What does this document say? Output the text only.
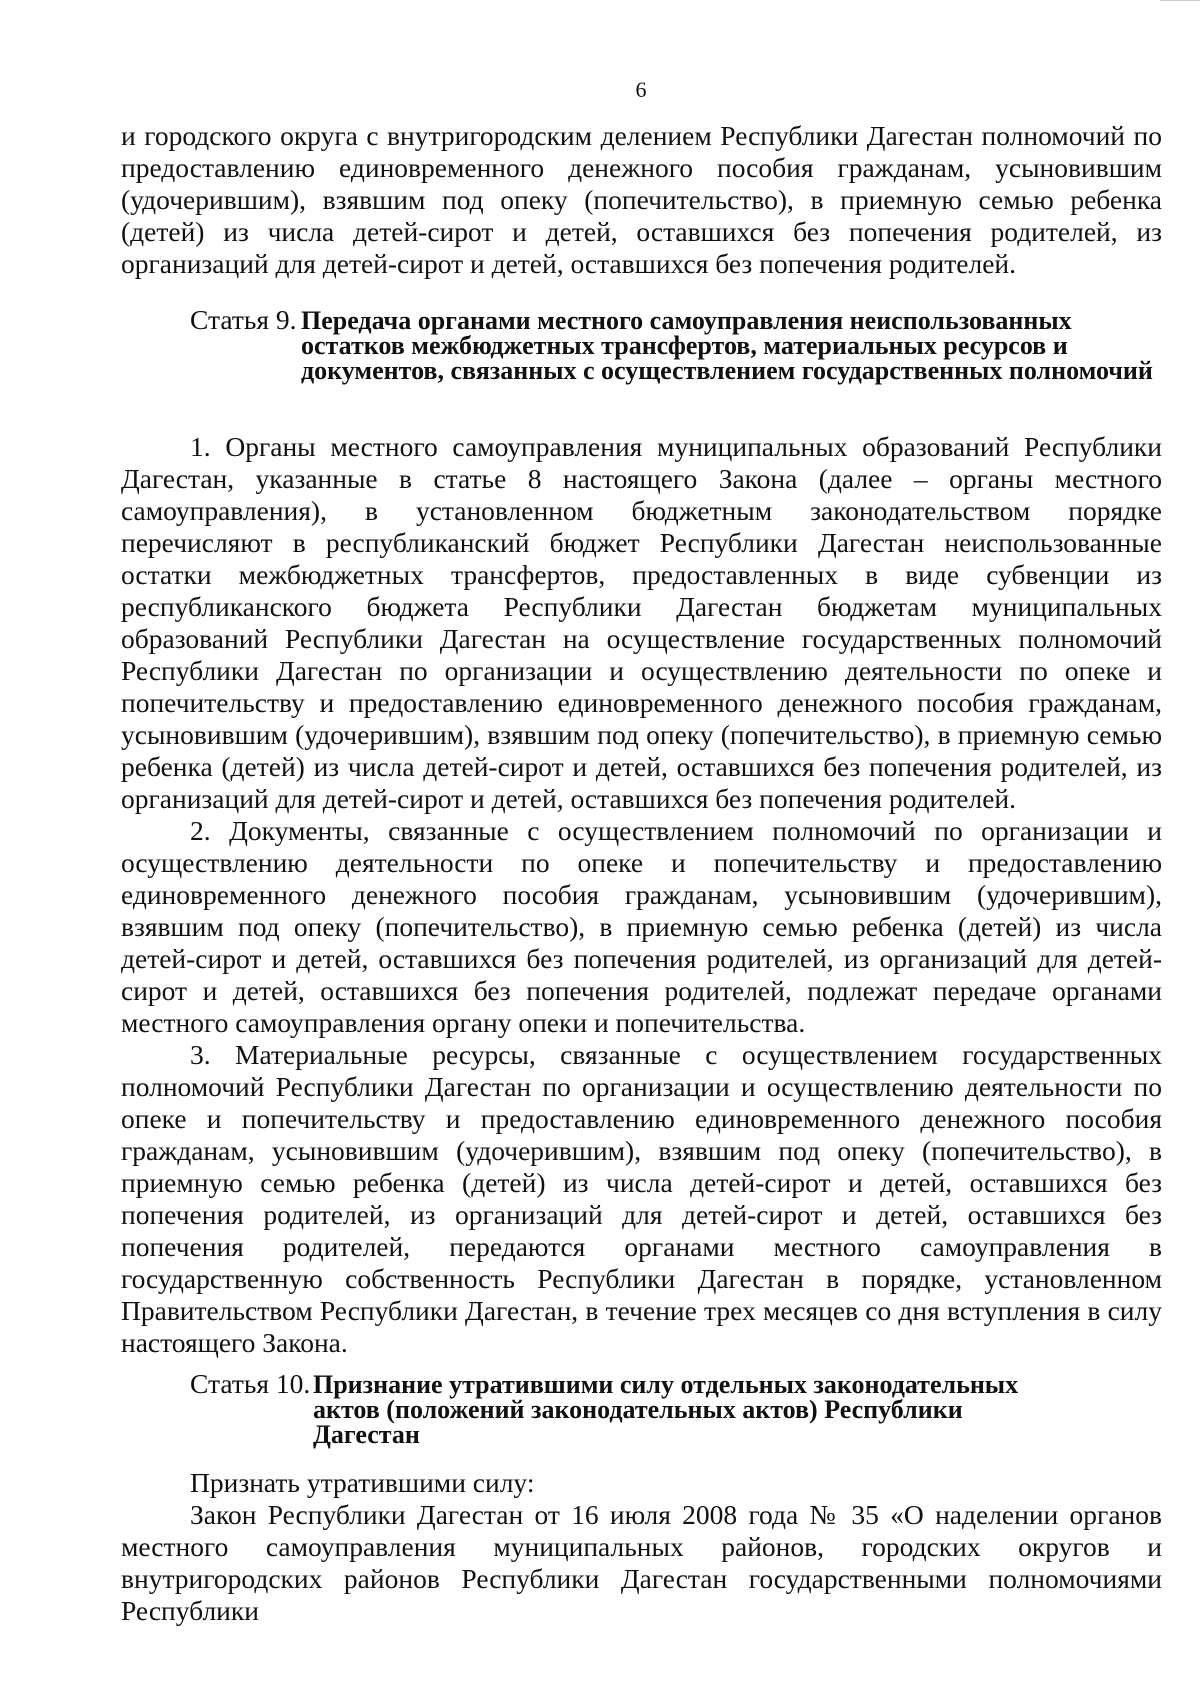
6

и городского округа с внутригородским делением Республики Дагестан полномочий по предоставлению единовременного денежного пособия гражданам, усыновившим (удочерившим), взявшим под опеку (попечительство), в приемную семью ребенка (детей) из числа детей-сирот и детей, оставшихся без попечения родителей, из организаций для детей-сирот и детей, оставшихся без попечения родителей.

Статья 9. Передача органами местного самоуправления неиспользованных остатков межбюджетных трансфертов, материальных ресурсов и документов, связанных с осуществлением государственных полномочий

1. Органы местного самоуправления муниципальных образований Республики Дагестан, указанные в статье 8 настоящего Закона (далее – органы местного самоуправления), в установленном бюджетным законодательством порядке перечисляют в республиканский бюджет Республики Дагестан неиспользованные остатки межбюджетных трансфертов, предоставленных в виде субвенции из республиканского бюджета Республики Дагестан бюджетам муниципальных образований Республики Дагестан на осуществление государственных полномочий Республики Дагестан по организации и осуществлению деятельности по опеке и попечительству и предоставлению единовременного денежного пособия гражданам, усыновившим (удочерившим), взявшим под опеку (попечительство), в приемную семью ребенка (детей) из числа детей-сирот и детей, оставшихся без попечения родителей, из организаций для детей-сирот и детей, оставшихся без попечения родителей.

2. Документы, связанные с осуществлением полномочий по организации и осуществлению деятельности по опеке и попечительству и предоставлению единовременного денежного пособия гражданам, усыновившим (удочерившим), взявшим под опеку (попечительство), в приемную семью ребенка (детей) из числа детей-сирот и детей, оставшихся без попечения родителей, из организаций для детей-сирот и детей, оставшихся без попечения родителей, подлежат передаче органами местного самоуправления органу опеки и попечительства.

3. Материальные ресурсы, связанные с осуществлением государственных полномочий Республики Дагестан по организации и осуществлению деятельности по опеке и попечительству и предоставлению единовременного денежного пособия гражданам, усыновившим (удочерившим), взявшим под опеку (попечительство), в приемную семью ребенка (детей) из числа детей-сирот и детей, оставшихся без попечения родителей, из организаций для детей-сирот и детей, оставшихся без попечения родителей, передаются органами местного самоуправления в государственную собственность Республики Дагестан в порядке, установленном Правительством Республики Дагестан, в течение трех месяцев со дня вступления в силу настоящего Закона.

Статья 10. Признание утратившими силу отдельных законодательных актов (положений законодательных актов) Республики Дагестан

Признать утратившими силу:

Закон Республики Дагестан от 16 июля 2008 года № 35 «О наделении органов местного самоуправления муниципальных районов, городских округов и внутригородских районов Республики Дагестан государственными полномочиями Республики
